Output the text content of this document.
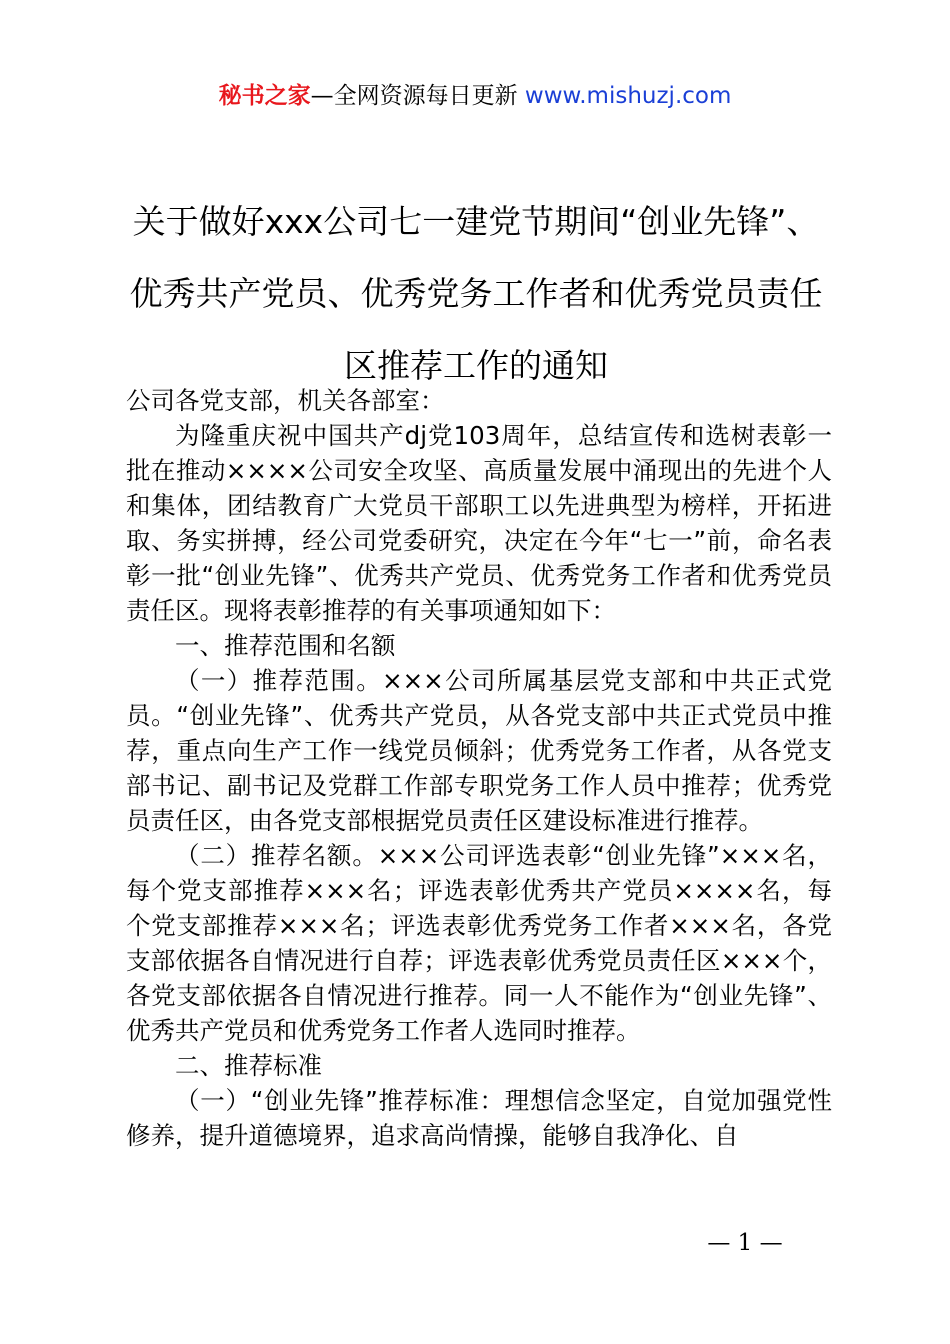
秘书之家—全网资源每日更新 www.mishuzj.com
关于做好xxx公司七一建党节期间“创业先锋”、优秀共产党员、优秀党务工作者和优秀党员责任区推荐工作的通知

公司各党支部，机关各部室：

为隆重庆祝中国共产dj党103周年，总结宣传和选树表彰一批在推动××××公司安全攻坚、高质量发展中涌现出的先进个人和集体，团结教育广大党员干部职工以先进典型为榜样，开拓进取、务实拼搏，经公司党委研究，决定在今年“七一”前，命名表彰一批“创业先锋”、优秀共产党员、优秀党务工作者和优秀党员责任区。现将表彰推荐的有关事项通知如下：

一、推荐范围和名额

（一）推荐范围。×××公司所属基层党支部和中共正式党员。“创业先锋”、优秀共产党员，从各党支部中共正式党员中推荐，重点向生产工作一线党员倾斜；优秀党务工作者，从各党支部书记、副书记及党群工作部专职党务工作人员中推荐；优秀党员责任区，由各党支部根据党员责任区建设标准进行推荐。

（二）推荐名额。×××公司评选表彰“创业先锋”×××名，每个党支部推荐×××名；评选表彰优秀共产党员××××名，每个党支部推荐×××名；评选表彰优秀党务工作者×××名，各党支部依据各自情况进行自荐；评选表彰优秀党员责任区×××个，各党支部依据各自情况进行推荐。同一人不能作为“创业先锋”、优秀共产党员和优秀党务工作者人选同时推荐。

二、推荐标准

（一）“创业先锋”推荐标准：理想信念坚定，自觉加强党性修养，提升道德境界，追求高尚情操，能够自我净化、自

— 1 —
